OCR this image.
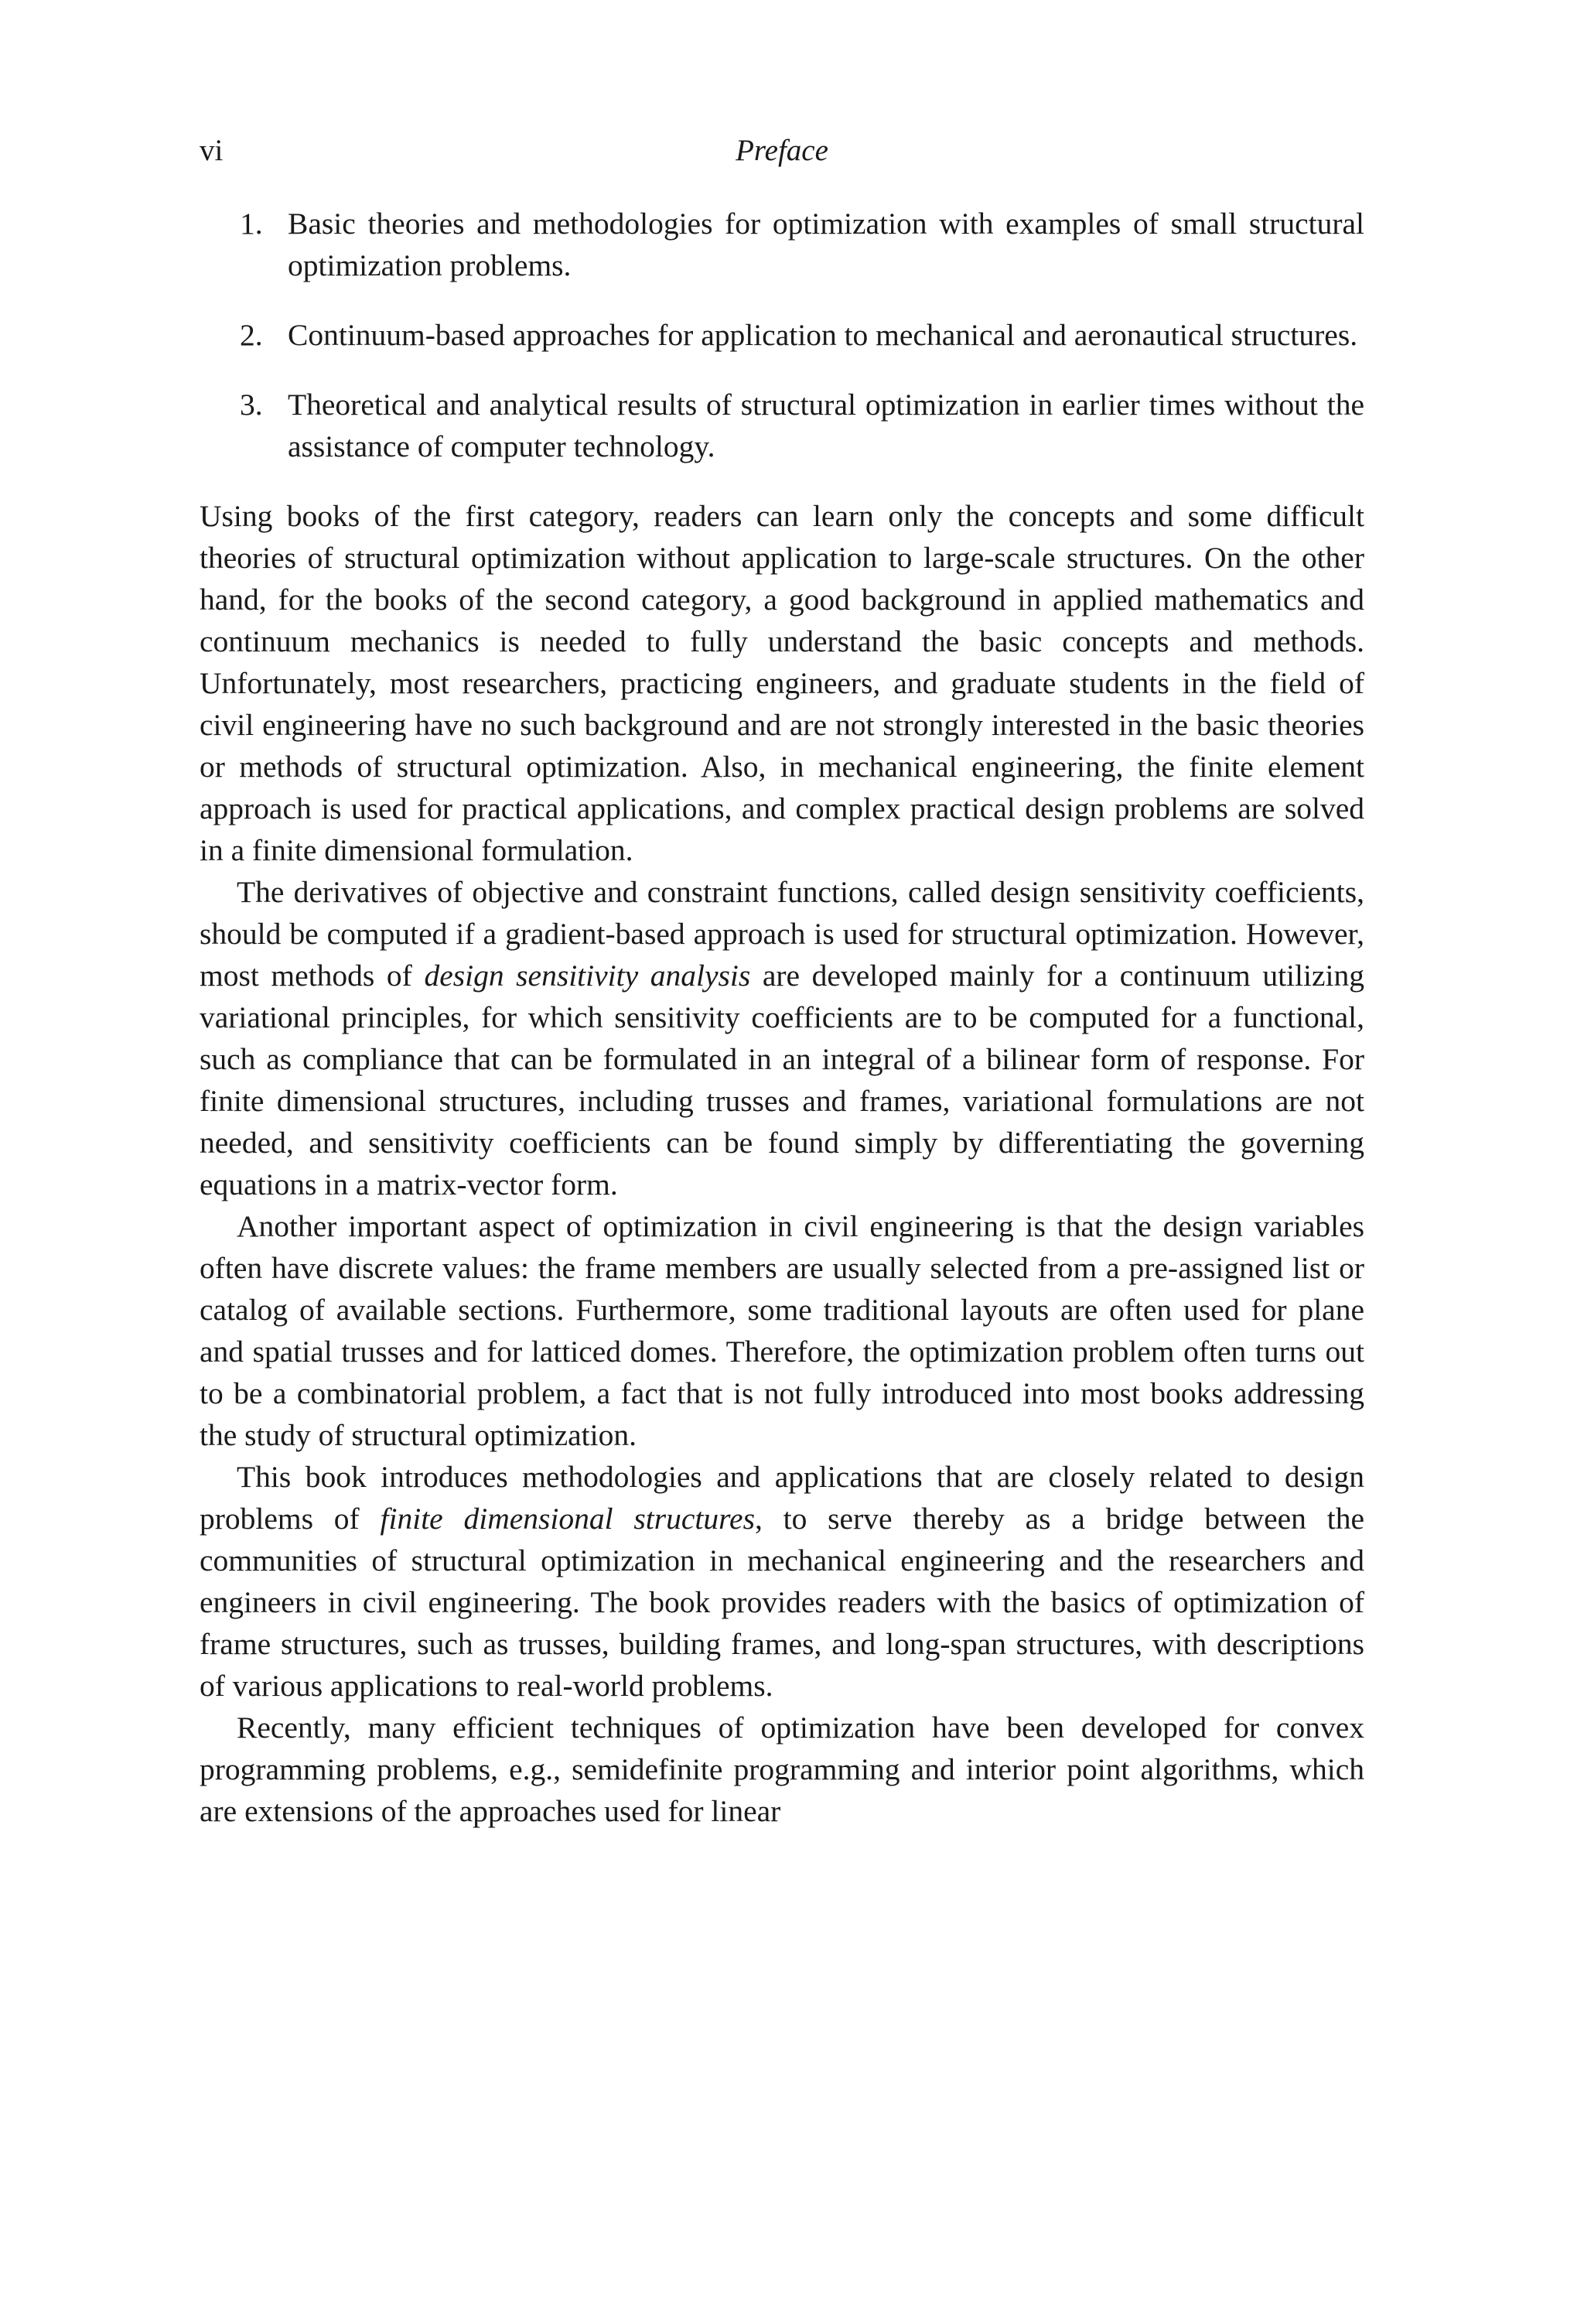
vi	Preface
1. Basic theories and methodologies for optimization with examples of small structural optimization problems.
2. Continuum-based approaches for application to mechanical and aeronautical structures.
3. Theoretical and analytical results of structural optimization in earlier times without the assistance of computer technology.

Using books of the first category, readers can learn only the concepts and some difficult theories of structural optimization without application to large-scale structures. On the other hand, for the books of the second category, a good background in applied mathematics and continuum mechanics is needed to fully understand the basic concepts and methods. Unfortunately, most researchers, practicing engineers, and graduate students in the field of civil engineering have no such background and are not strongly interested in the basic theories or methods of structural optimization. Also, in mechanical engineering, the finite element approach is used for practical applications, and complex practical design problems are solved in a finite dimensional formulation.

The derivatives of objective and constraint functions, called design sensitivity coefficients, should be computed if a gradient-based approach is used for structural optimization. However, most methods of design sensitivity analysis are developed mainly for a continuum utilizing variational principles, for which sensitivity coefficients are to be computed for a functional, such as compliance that can be formulated in an integral of a bilinear form of response. For finite dimensional structures, including trusses and frames, variational formulations are not needed, and sensitivity coefficients can be found simply by differentiating the governing equations in a matrix-vector form.

Another important aspect of optimization in civil engineering is that the design variables often have discrete values: the frame members are usually selected from a pre-assigned list or catalog of available sections. Furthermore, some traditional layouts are often used for plane and spatial trusses and for latticed domes. Therefore, the optimization problem often turns out to be a combinatorial problem, a fact that is not fully introduced into most books addressing the study of structural optimization.

This book introduces methodologies and applications that are closely related to design problems of finite dimensional structures, to serve thereby as a bridge between the communities of structural optimization in mechanical engineering and the researchers and engineers in civil engineering. The book provides readers with the basics of optimization of frame structures, such as trusses, building frames, and long-span structures, with descriptions of various applications to real-world problems.

Recently, many efficient techniques of optimization have been developed for convex programming problems, e.g., semidefinite programming and interior point algorithms, which are extensions of the approaches used for linear
